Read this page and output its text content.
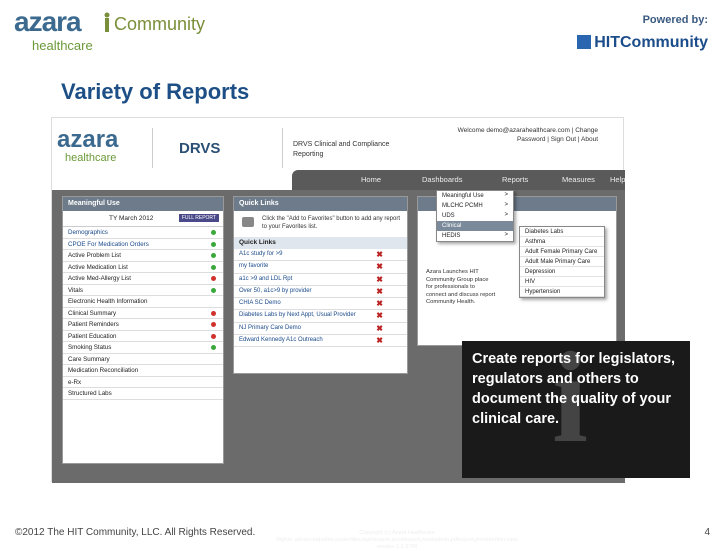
azara Community
healthcare
Powered by:
HITCommunity
Variety of Reports
azara
healthcare
DRVS	DRVS Clinical and Compliance Reporting
Welcome demo@azarahealthcare.com | Change
Password | Sign Out | About
Home	Dashboards	Reports	Measures Help
Meaningful Use
TY March 2012	FULL REPORT
Demographics
CPOE For Medication Orders
Active Problem List
Active Medication List
Active Med-Allergy List
Vitals
Electronic Health Information
Clinical Summary
Patient Reminders
Patient Education
Smoking Status
Care Summary
Medication Reconciliation
e-Rx
Structured Labs
Quick Links
Click the "Add to Favorites" button to add any report to your Favorites list.
Quick Links
A1c study for >9	✖
my favorite	✖
a1c >9 and LDL Rpt	✖
Over 50, a1c>9 by provider	✖
CHIA SC Demo	✖
Diabetes Labs by Next Appt, Usual Provider	✖
NJ Primary Care Demo	✖
Edward Kennedy A1c Outreach	✖
Azara Launches HIT Community Group place for professionals to connect and discuss report Community Health.
Copyright (c) Azara Healthcare
Rights: advancedpatlist,centerfilter,dashboards,excelexport,newsadmin,pdfexport,providerfilter,view
version 1.1.3786
Meaningful Use	>
MLCHC PCMH	>
UDS	>
Clinical
HEDIS	>
Diabetes Labs
Asthma
Adult Female Primary Care
Adult Male Primary Care
Depression
HIV
Hypertension
i
Create reports for legislators, regulators and others to document the quality of your clinical care.
©2012 The HIT Community, LLC. All Rights Reserved.	4
